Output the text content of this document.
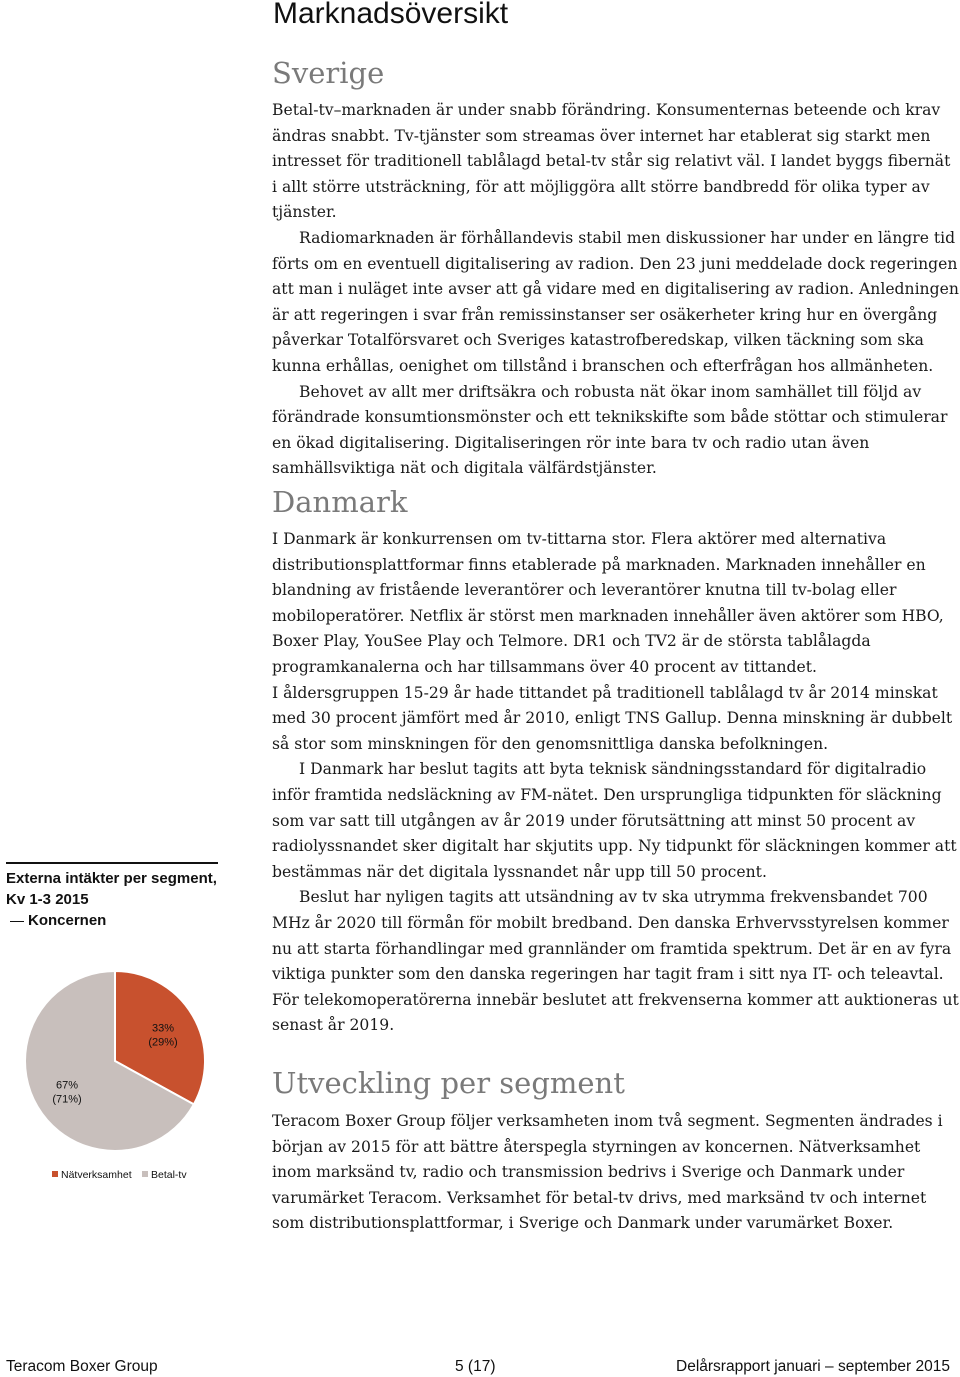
Marknadsöversikt
Sverige

Betal-tv–marknaden är under snabb förändring. Konsumenternas beteende och krav ändras snabbt. Tv-tjänster som streamas över internet har etablerat sig starkt men intresset för traditionell tablålagd betal-tv står sig relativt väl. I landet byggs fibernät i allt större utsträckning, för att möjliggöra allt större bandbredd för olika typer av tjänster.

Radiomarknaden är förhållandevis stabil men diskussioner har under en längre tid förts om en eventuell digitalisering av radion. Den 23 juni meddelade dock regeringen att man i nuläget inte avser att gå vidare med en digitalisering av radion. Anledningen är att regeringen i svar från remissinstanser ser osäkerheter kring hur en övergång påverkar Totalförsvaret och Sveriges katastrofberedskap, vilken täckning som ska kunna erhållas, oenighet om tillstånd i branschen och efterfrågan hos allmänheten.

Behovet av allt mer driftsäkra och robusta nät ökar inom samhället till följd av förändrade konsumtionsmönster och ett teknikskifte som både stöttar och stimulerar en ökad digitalisering. Digitaliseringen rör inte bara tv och radio utan även samhällsviktiga nät och digitala välfärdstjänster.

Danmark

I Danmark är konkurrensen om tv-tittarna stor. Flera aktörer med alternativa distributionsplattformar finns etablerade på marknaden. Marknaden innehåller en blandning av fristående leverantörer och leverantörer knutna till tv-bolag eller mobiloperatörer. Netflix är störst men marknaden innehåller även aktörer som HBO, Boxer Play, YouSee Play och Telmore. DR1 och TV2 är de största tablålagda programkanalerna och har tillsammans över 40 procent av tittandet.

I åldersgruppen 15-29 år hade tittandet på traditionell tablålagd tv år 2014 minskat med 30 procent jämfört med år 2010, enligt TNS Gallup. Denna minskning är dubbelt så stor som minskningen för den genomsnittliga danska befolkningen.

I Danmark har beslut tagits att byta teknisk sändningsstandard för digitalradio inför framtida nedsläckning av FM-nätet. Den ursprungliga tidpunkten för släckning som var satt till utgången av år 2019 under förutsättning att minst 50 procent av radiolyssnandet sker digitalt har skjutits upp. Ny tidpunkt för släckningen kommer att bestämmas när det digitala lyssnandet når upp till 50 procent.

Beslut har nyligen tagits att utsändning av tv ska utrymma frekvensbandet 700 MHz år 2020 till förmån för mobilt bredband. Den danska Erhvervsstyrelsen kommer nu att starta förhandlingar med grannländer om framtida spektrum. Det är en av fyra viktiga punkter som den danska regeringen har tagit fram i sitt nya IT- och teleavtal. För telekomoperatörerna innebär beslutet att frekvenserna kommer att auktioneras ut senast år 2019.

Utveckling per segment

Teracom Boxer Group följer verksamheten inom två segment. Segmenten ändrades i början av 2015 för att bättre återspegla styrningen av koncernen. Nätverksamhet inom marksänd tv, radio och transmission bedrivs i Sverige och Danmark under varumärket Teracom. Verksamhet för betal-tv drivs, med marksänd tv och internet som distributionsplattformar, i Sverige och Danmark under varumärket Boxer.

Externa intäkter per segment,
Kv 1-3 2015
Koncernen
33%
(29%)
67%
(71%)
Nätverksamhet Betal-tv
Teracom Boxer Group	5 (17)	Delårsrapport januari – september 2015
